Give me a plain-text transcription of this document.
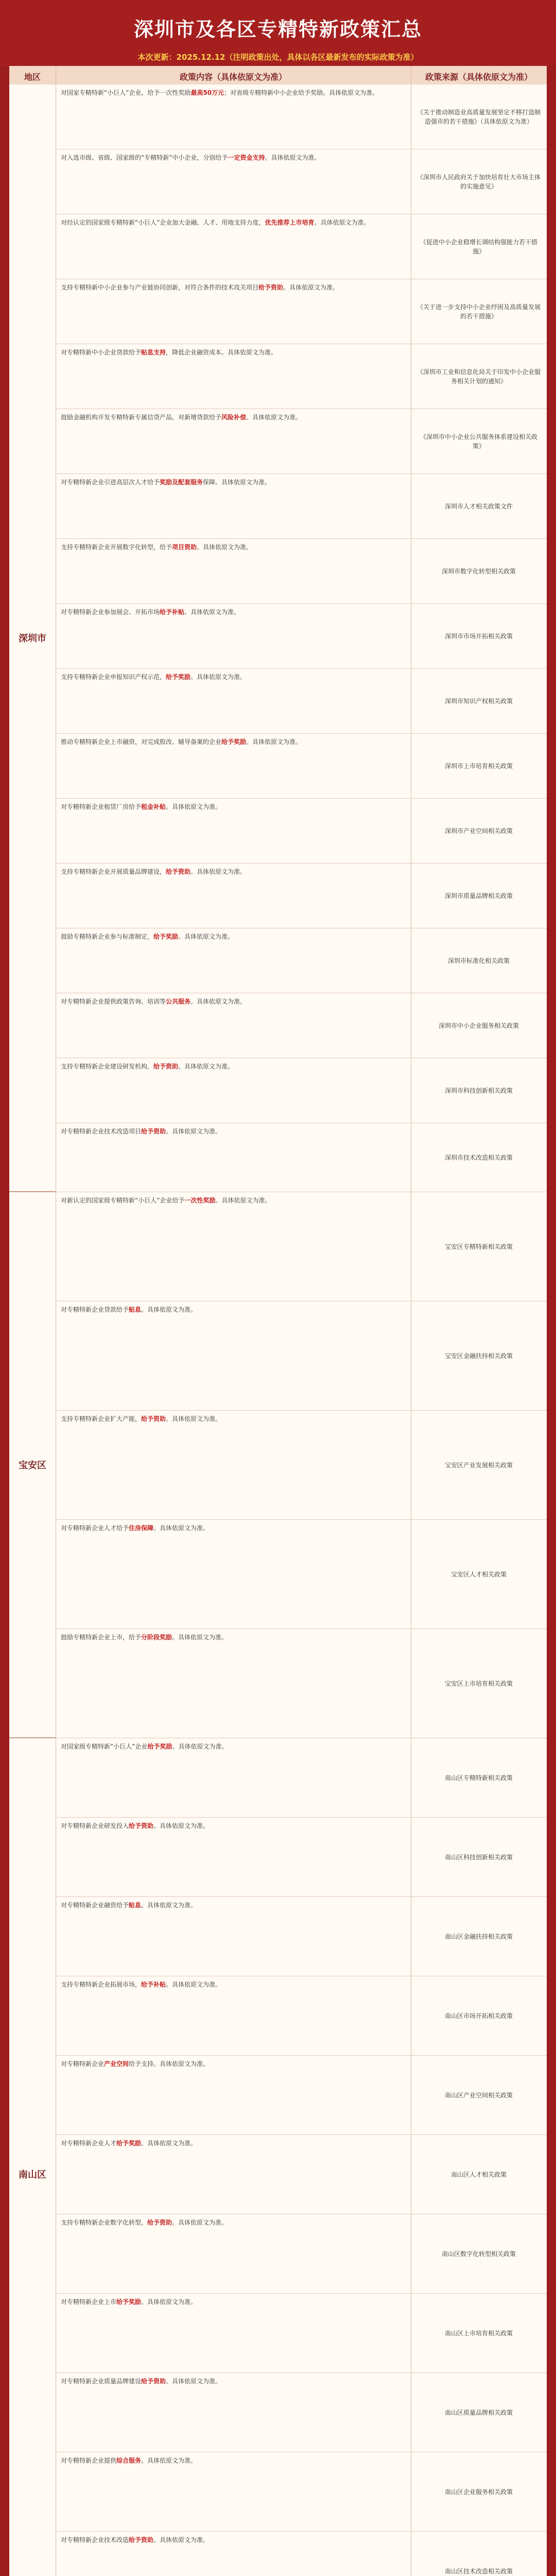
深圳市及各区专精特新政策汇总
本次更新：2025.12.12（注明政策出处，具体以各区最新发布的实际政策为准）
地区	政策内容（具体依原文为准）	政策来源（具体依原文为准）
深圳市
对国家专精特新“小巨人”企业，给予一次性奖励最高50万元；对省级专精特新中小企业给予奖励。具体依原文为准。
《关于推动制造业高质量发展坚定不移打造制造强市的若干措施》（具体依原文为准）
对入选市级、省级、国家级的“专精特新”中小企业，分别给予一定资金支持。具体依原文为准。
《深圳市人民政府关于加快培育壮大市场主体的实施意见》
对经认定的国家级专精特新“小巨人”企业加大金融、人才、用地支持力度，优先推荐上市培育。具体依原文为准。
《促进中小企业稳增长调结构强能力若干措施》
支持专精特新中小企业参与产业链协同创新，对符合条件的技术攻关项目给予资助。具体依原文为准。
《关于进一步支持中小企业纾困及高质量发展的若干措施》
对专精特新中小企业贷款给予贴息支持，降低企业融资成本。具体依原文为准。
《深圳市工业和信息化局关于印发中小企业服务相关计划的通知》
鼓励金融机构开发专精特新专属信贷产品，对新增贷款给予风险补偿。具体依原文为准。
《深圳市中小企业公共服务体系建设相关政策》
对专精特新企业引进高层次人才给予奖励及配套服务保障。具体依原文为准。
深圳市人才相关政策文件
支持专精特新企业开展数字化转型，给予项目资助。具体依原文为准。
深圳市数字化转型相关政策
对专精特新企业参加展会、开拓市场给予补贴。具体依原文为准。
深圳市市场开拓相关政策
支持专精特新企业申报知识产权示范，给予奖励。具体依原文为准。
深圳市知识产权相关政策
推动专精特新企业上市融资，对完成股改、辅导备案的企业给予奖励。具体依原文为准。
深圳市上市培育相关政策
对专精特新企业租赁厂房给予租金补贴。具体依原文为准。
深圳市产业空间相关政策
支持专精特新企业开展质量品牌建设，给予资助。具体依原文为准。
深圳市质量品牌相关政策
鼓励专精特新企业参与标准制定，给予奖励。具体依原文为准。
深圳市标准化相关政策
对专精特新企业提供政策咨询、培训等公共服务。具体依原文为准。
深圳市中小企业服务相关政策
支持专精特新企业建设研发机构，给予资助。具体依原文为准。
深圳市科技创新相关政策
对专精特新企业技术改造项目给予资助。具体依原文为准。
深圳市技术改造相关政策
宝安区
对新认定的国家级专精特新“小巨人”企业给予一次性奖励。具体依原文为准。
宝安区专精特新相关政策
对专精特新企业贷款给予贴息。具体依原文为准。
宝安区金融扶持相关政策
支持专精特新企业扩大产能，给予资助。具体依原文为准。
宝安区产业发展相关政策
对专精特新企业人才给予住房保障。具体依原文为准。
宝安区人才相关政策
鼓励专精特新企业上市，给予分阶段奖励。具体依原文为准。
宝安区上市培育相关政策
南山区
对国家级专精特新“小巨人”企业给予奖励。具体依原文为准。
南山区专精特新相关政策
对专精特新企业研发投入给予资助。具体依原文为准。
南山区科技创新相关政策
对专精特新企业融资给予贴息。具体依原文为准。
南山区金融扶持相关政策
支持专精特新企业拓展市场，给予补贴。具体依原文为准。
南山区市场开拓相关政策
对专精特新企业产业空间给予支持。具体依原文为准。
南山区产业空间相关政策
对专精特新企业人才给予奖励。具体依原文为准。
南山区人才相关政策
支持专精特新企业数字化转型，给予资助。具体依原文为准。
南山区数字化转型相关政策
对专精特新企业上市给予奖励。具体依原文为准。
南山区上市培育相关政策
对专精特新企业质量品牌建设给予资助。具体依原文为准。
南山区质量品牌相关政策
对专精特新企业提供综合服务。具体依原文为准。
南山区企业服务相关政策
对专精特新企业技术改造给予资助。具体依原文为准。
南山区技术改造相关政策
